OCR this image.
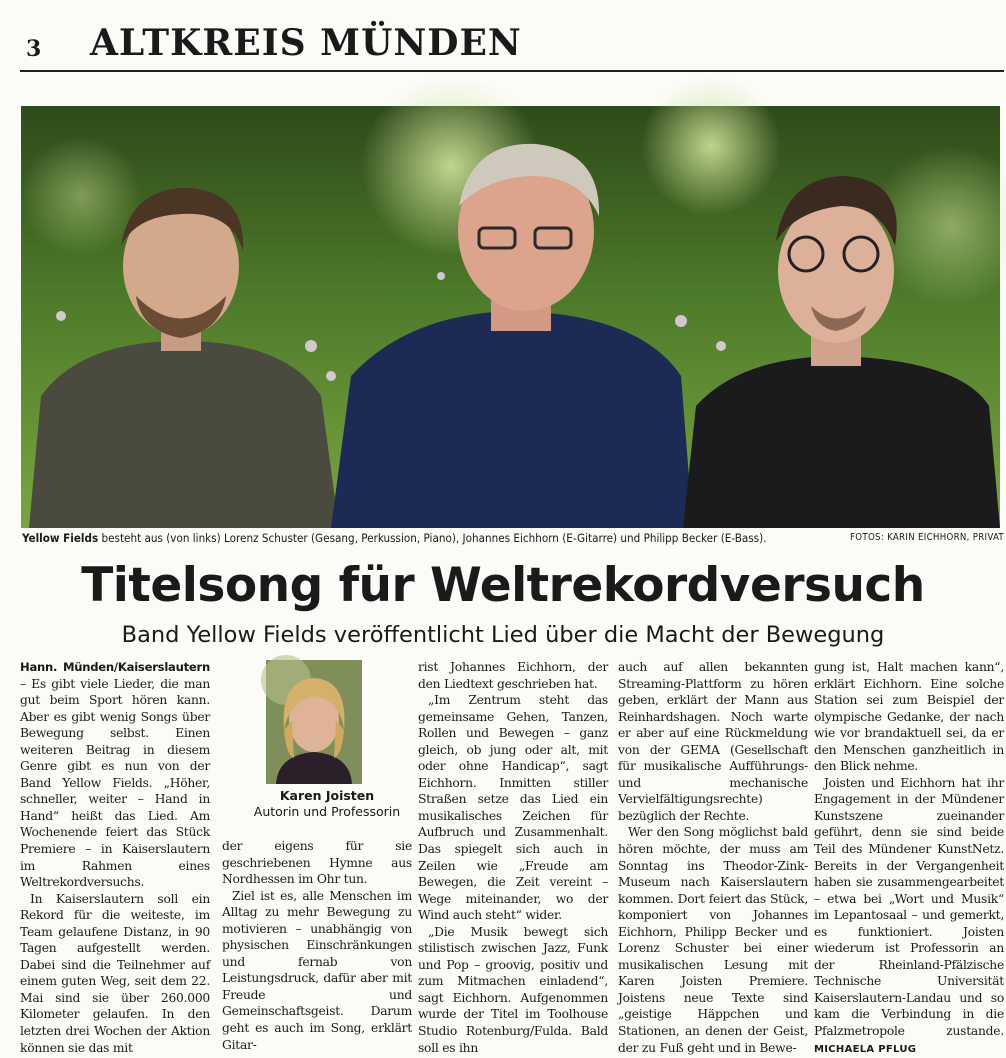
3 ALTKREIS MÜNDEN
Yellow Fields besteht aus (von links) Lorenz Schuster (Gesang, Perkussion, Piano), Johannes Eichhorn (E-Gitarre) und Philipp Becker (E-Bass).	FOTOS: KARIN EICHHORN, PRIVAT
Titelsong für Weltrekordversuch
Band Yellow Fields veröffentlicht Lied über die Macht der Bewegung

Hann. Münden/Kaiserslautern – Es gibt viele Lieder, die man gut beim Sport hören kann. Aber es gibt wenig Songs über Bewegung selbst. Einen weiteren Beitrag in diesem Genre gibt es nun von der Band Yellow Fields. „Höher, schneller, weiter – Hand in Hand“ heißt das Lied. Am Wochenende feiert das Stück Premiere – in Kaiserslautern im Rahmen eines Weltrekordversuchs.

In Kaiserslautern soll ein Rekord für die weiteste, im Team gelaufene Distanz, in 90 Tagen aufgestellt werden. Dabei sind die Teilnehmer auf einem guten Weg, seit dem 22. Mai sind sie über 260.000 Kilometer gelaufen. In den letzten drei Wochen der Aktion können sie das mit

Karen Joisten
Autorin und Professorin

der eigens für sie geschriebenen Hymne aus Nordhessen im Ohr tun.

Ziel ist es, alle Menschen im Alltag zu mehr Bewegung zu motivieren – unabhängig von physischen Einschränkungen und fernab von Leistungsdruck, dafür aber mit Freude und Gemeinschaftsgeist. Darum geht es auch im Song, erklärt Gitar-

rist Johannes Eichhorn, der den Liedtext geschrieben hat.

„Im Zentrum steht das gemeinsame Gehen, Tanzen, Rollen und Bewegen – ganz gleich, ob jung oder alt, mit oder ohne Handicap“, sagt Eichhorn. Inmitten stiller Straßen setze das Lied ein musikalisches Zeichen für Aufbruch und Zusammenhalt. Das spiegelt sich auch in Zeilen wie „Freude am Bewegen, die Zeit vereint – Wege miteinander, wo der Wind auch steht“ wider.

„Die Musik bewegt sich stilistisch zwischen Jazz, Funk und Pop – groovig, positiv und zum Mitmachen einladend“, sagt Eichhorn. Aufgenommen wurde der Titel im Toolhouse Studio Rotenburg/Fulda. Bald soll es ihn

auch auf allen bekannten Streaming-Plattform zu hören geben, erklärt der Mann aus Reinhardshagen. Noch warte er aber auf eine Rückmeldung von der GEMA (Gesellschaft für musikalische Aufführungs- und mechanische Vervielfältigungsrechte) bezüglich der Rechte.

Wer den Song möglichst bald hören möchte, der muss am Sonntag ins Theodor-Zink-Museum nach Kaiserslautern kommen. Dort feiert das Stück, komponiert von Johannes Eichhorn, Philipp Becker und Lorenz Schuster bei einer musikalischen Lesung mit Karen Joisten Premiere. Joistens neue Texte sind „geistige Häppchen und Stationen, an denen der Geist, der zu Fuß geht und in Bewe-

gung ist, Halt machen kann“, erklärt Eichhorn. Eine solche Station sei zum Beispiel der olympische Gedanke, der nach wie vor brandaktuell sei, da er den Menschen ganzheitlich in den Blick nehme.

Joisten und Eichhorn hat ihr Engagement in der Mündener Kunstszene zueinander geführt, denn sie sind beide Teil des Mündener KunstNetz. Bereits in der Vergangenheit haben sie zusammengearbeitet – etwa bei „Wort und Musik“ im Lepantosaal – und gemerkt, es funktioniert. Joisten wiederum ist Professorin an der Rheinland-Pfälzische Technische Universität Kaiserslautern-Landau und so kam die Verbindung in die Pfalzmetropole zustande. MICHAELA PFLUG
